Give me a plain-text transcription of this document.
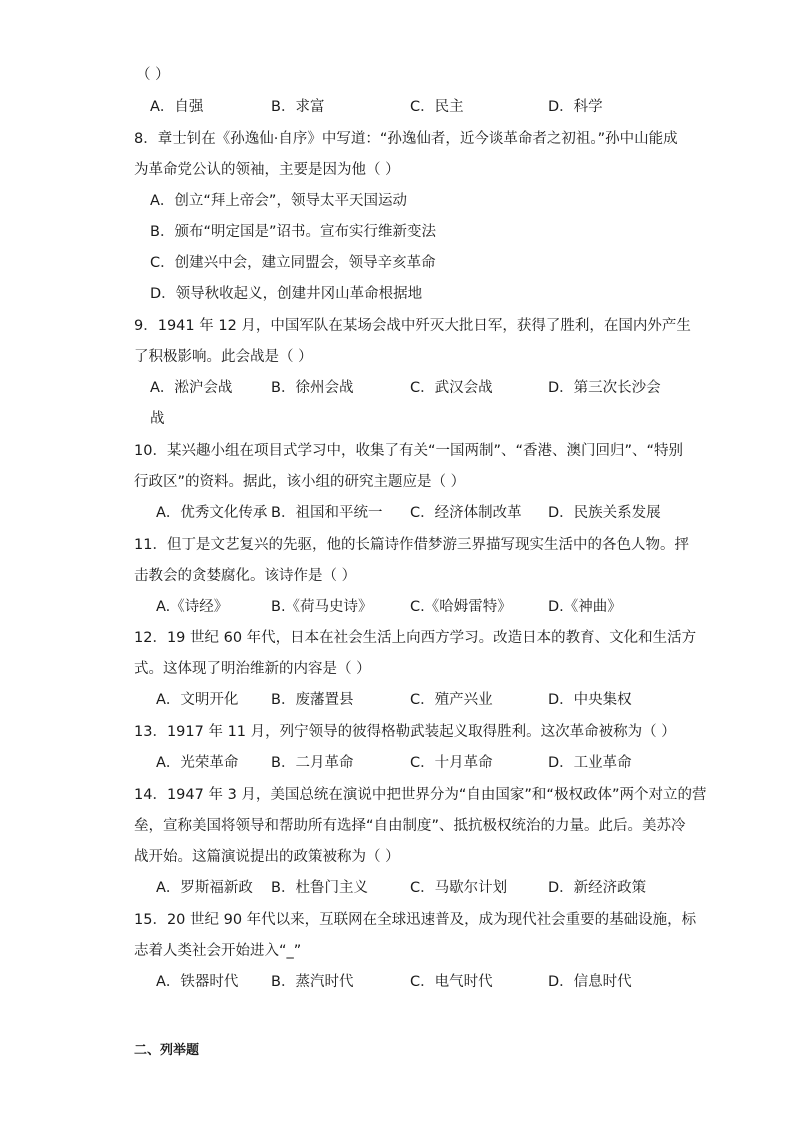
（ ）
A．自强	B．求富	C．民主	D．科学
8．章士钊在《孙逸仙·自序》中写道：“孙逸仙者，近今谈革命者之初祖。”孙中山能成
为革命党公认的领袖，主要是因为他（ ）
A．创立“拜上帝会”，领导太平天国运动
B．颁布“明定国是”诏书。宣布实行维新变法
C．创建兴中会，建立同盟会，领导辛亥革命
D．领导秋收起义，创建井冈山革命根据地
9．1941 年 12 月，中国军队在某场会战中歼灭大批日军，获得了胜利，在国内外产生
了积极影响。此会战是（ ）
A．淞沪会战	B．徐州会战	C．武汉会战	D．第三次长沙会
战
10．某兴趣小组在项目式学习中，收集了有关“一国两制”、“香港、澳门回归”、“特别
行政区”的资料。据此，该小组的研究主题应是（ ）
A．优秀文化传承 B．祖国和平统一 C．经济体制改革 D．民族关系发展
11．但丁是文艺复兴的先驱，他的长篇诗作借梦游三界描写现实生活中的各色人物。抨
击教会的贪婪腐化。该诗作是（ ）
A.《诗经》	B.《荷马史诗》	C.《哈姆雷特》	D.《神曲》
12．19 世纪 60 年代，日本在社会生活上向西方学习。改造日本的教育、文化和生活方
式。这体现了明治维新的内容是（ ）
A．文明开化 B．废藩置县	C．殖产兴业	D．中央集权
13．1917 年 11 月，列宁领导的彼得格勒武装起义取得胜利。这次革命被称为（ ）
A．光荣革命 B．二月革命	C．十月革命	D．工业革命
14．1947 年 3 月，美国总统在演说中把世界分为“自由国家”和“极权政体”两个对立的营
垒，宣称美国将领导和帮助所有选择“自由制度”、抵抗极权统治的力量。此后。美苏冷
战开始。这篇演说提出的政策被称为（ ）
A．罗斯福新政 B．杜鲁门主义	C．马歇尔计划	D．新经济政策
15．20 世纪 90 年代以来，互联网在全球迅速普及，成为现代社会重要的基础设施，标
志着人类社会开始进入“_”
A．铁器时代 B．蒸汽时代	C．电气时代	D．信息时代
二、列举题
